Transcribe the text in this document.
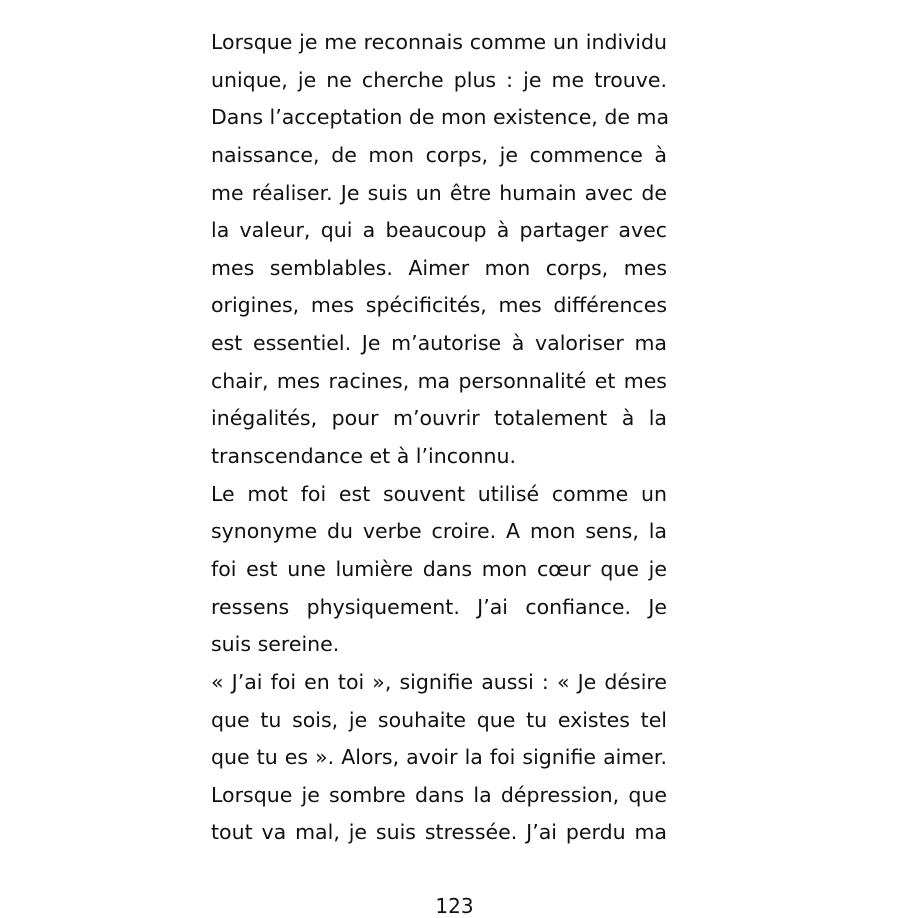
Lorsque je me reconnais comme un individu
unique, je ne cherche plus : je me trouve.
Dans l’acceptation de mon existence, de ma
naissance, de mon corps, je commence à
me réaliser. Je suis un être humain avec de
la valeur, qui a beaucoup à partager avec
mes semblables. Aimer mon corps, mes
origines, mes spécificités, mes différences
est essentiel. Je m’autorise à valoriser ma
chair, mes racines, ma personnalité et mes
inégalités, pour m’ouvrir totalement à la
transcendance et à l’inconnu.
Le mot foi est souvent utilisé comme un
synonyme du verbe croire. A mon sens, la
foi est une lumière dans mon cœur que je
ressens physiquement. J’ai confiance. Je
suis sereine.
« J’ai foi en toi », signifie aussi : « Je désire
que tu sois, je souhaite que tu existes tel
que tu es ». Alors, avoir la foi signifie aimer.
Lorsque je sombre dans la dépression, que
tout va mal, je suis stressée. J’ai perdu ma
123
